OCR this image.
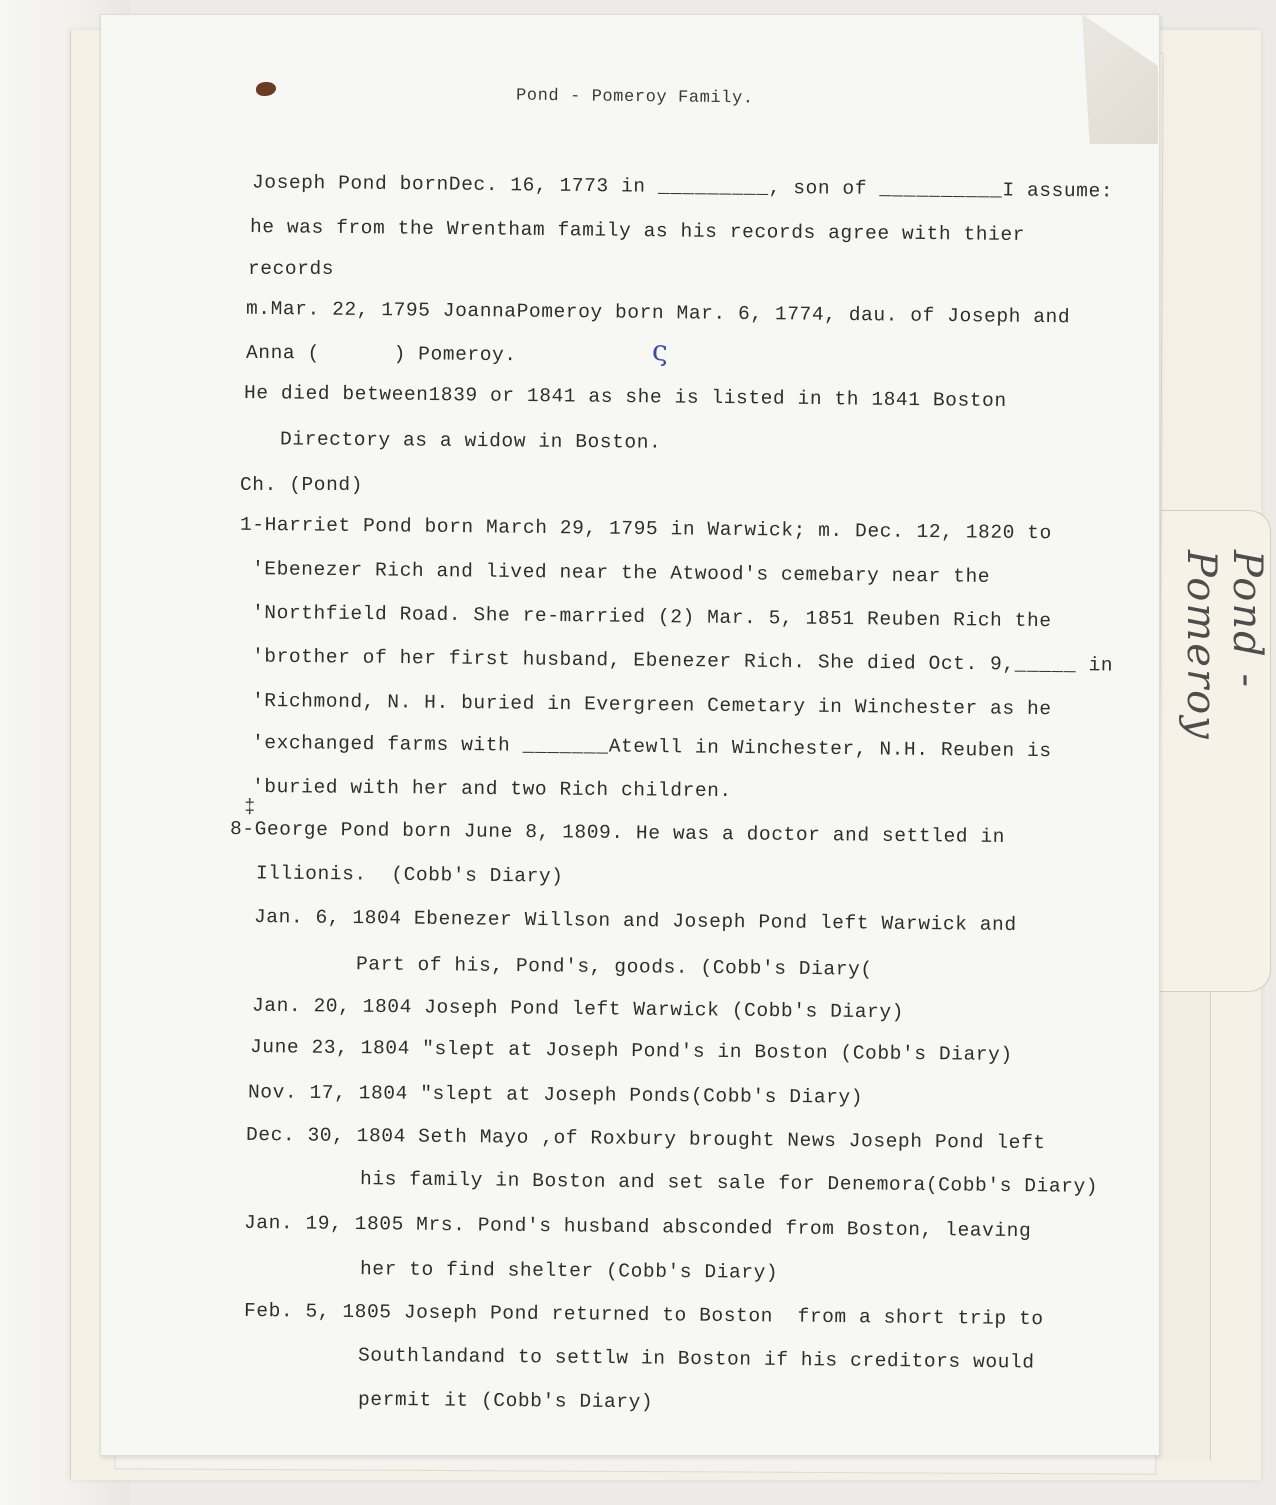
Pond - Pomeroy
Pond - Pomeroy Family.
Joseph Pond bornDec. 16, 1773 in _________, son of __________I assume:
he was from the Wrentham family as his records agree with thier
records
m.Mar. 22, 1795 JoannaPomeroy born Mar. 6, 1774, dau. of Joseph and
Anna (      ) Pomeroy.	ς
He died between1839 or 1841 as she is listed in th 1841 Boston
Directory as a widow in Boston.
Ch. (Pond)
1-Harriet Pond born March 29, 1795 in Warwick; m. Dec. 12, 1820 to
'Ebenezer Rich and lived near the Atwood's cemebary near the
'Northfield Road. She re-married (2) Mar. 5, 1851 Reuben Rich the
'brother of her first husband, Ebenezer Rich. She died Oct. 9,_____ in
'Richmond, N. H. buried in Evergreen Cemetary in Winchester as he
'exchanged farms with _______Atewll in Winchester, N.H. Reuben is
'buried with her and two Rich children.
‡
8-George Pond born June 8, 1809. He was a doctor and settled in
Illionis.  (Cobb's Diary)
Jan. 6, 1804 Ebenezer Willson and Joseph Pond left Warwick and
Part of his, Pond's, goods. (Cobb's Diary(
Jan. 20, 1804 Joseph Pond left Warwick (Cobb's Diary)
June 23, 1804 "slept at Joseph Pond's in Boston (Cobb's Diary)
Nov. 17, 1804 "slept at Joseph Ponds(Cobb's Diary)
Dec. 30, 1804 Seth Mayo ,of Roxbury brought News Joseph Pond left
his family in Boston and set sale for Denemora(Cobb's Diary)
Jan. 19, 1805 Mrs. Pond's husband absconded from Boston, leaving
her to find shelter (Cobb's Diary)
Feb. 5, 1805 Joseph Pond returned to Boston  from a short trip to
Southlandand to settlw in Boston if his creditors would
permit it (Cobb's Diary)
